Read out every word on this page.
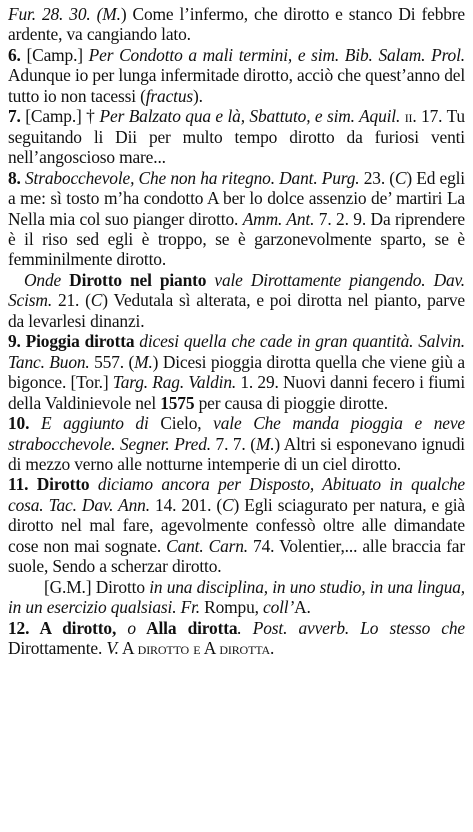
Fur. 28. 30. (M.) Come l’infermo, che dirotto e stanco Di febbre ardente, va cangiando lato.

6. [Camp.] Per Condotto a mali termini, e sim. Bib. Salam. Prol. Adunque io per lunga infermitade dirotto, acciò che quest’anno del tutto io non tacessi (fractus).

7. [Camp.] † Per Balzato qua e là, Sbattuto, e sim. Aquil. ii. 17. Tu seguitando li Dii per multo tempo dirotto da furiosi venti nell’angoscioso mare...

8. Strabocchevole, Che non ha ritegno. Dant. Purg. 23. (C) Ed egli a me: sì tosto m’ha condotto A ber lo dolce assenzio de’ martiri La Nella mia col suo pianger dirotto. Amm. Ant. 7. 2. 9. Da riprendere è il riso sed egli è troppo, se è garzonevolmente sparto, se è femminilmente dirotto.

Onde Dirotto nel pianto vale Dirottamente piangendo. Dav. Scism. 21. (C) Vedutala sì alterata, e poi dirotta nel pianto, parve da levarlesi dinanzi.

9. Pioggia dirotta dicesi quella che cade in gran quantità. Salvin. Tanc. Buon. 557. (M.) Dicesi pioggia dirotta quella che viene giù a bigonce. [Tor.] Targ. Rag. Valdin. 1. 29. Nuovi danni fecero i fiumi della Valdinievole nel 1575 per causa di pioggie dirotte.

10. E aggiunto di Cielo, vale Che manda pioggia e neve strabocchevole. Segner. Pred. 7. 7. (M.) Altri si esponevano ignudi di mezzo verno alle notturne intemperie di un ciel dirotto.

11. Dirotto diciamo ancora per Disposto, Abituato in qualche cosa. Tac. Dav. Ann. 14. 201. (C) Egli sciagurato per natura, e già dirotto nel mal fare, agevolmente confessò oltre alle dimandate cose non mai sognate. Cant. Carn. 74. Volentier,... alle braccia far suole, Sendo a scherzar dirotto.

[G.M.] Dirotto in una disciplina, in uno studio, in una lingua, in un esercizio qualsiasi. Fr. Rompu, coll’A.

12. A dirotto, o Alla dirotta. Post. avverb. Lo stesso che Dirottamente. V. A dirotto e A dirotta.
